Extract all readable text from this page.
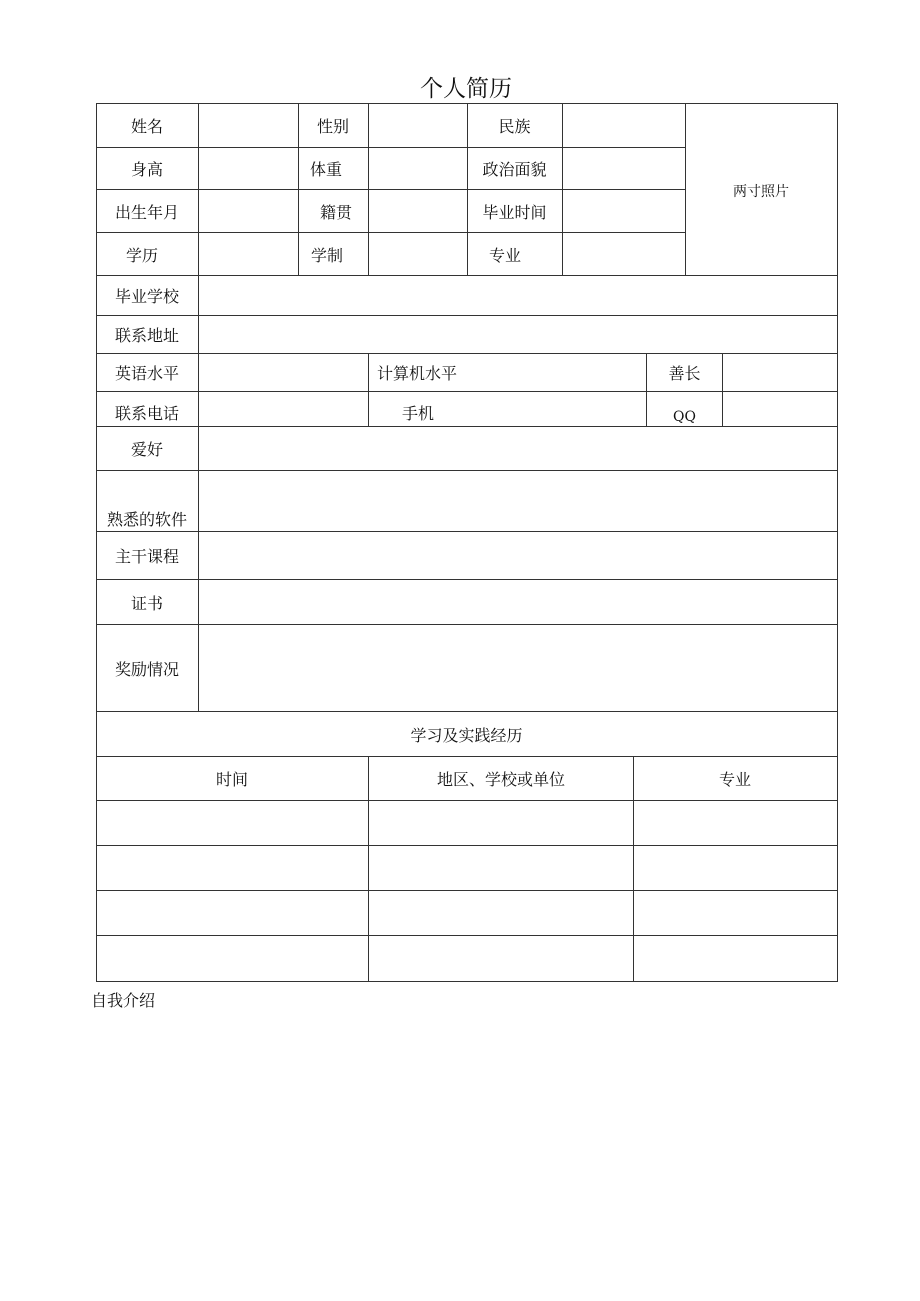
个人简历
姓名	性别	民族
身高	体重	政治面貌
出生年月	籍贯	毕业时间
学历	学制	专业
两寸照片
毕业学校
联系地址
英语水平	计算机水平	善长
联系电话	手机	QQ
爱好
熟悉的软件
主干课程
证书
奖励情况
学习及实践经历
时间	地区、学校或单位	专业
自我介绍
